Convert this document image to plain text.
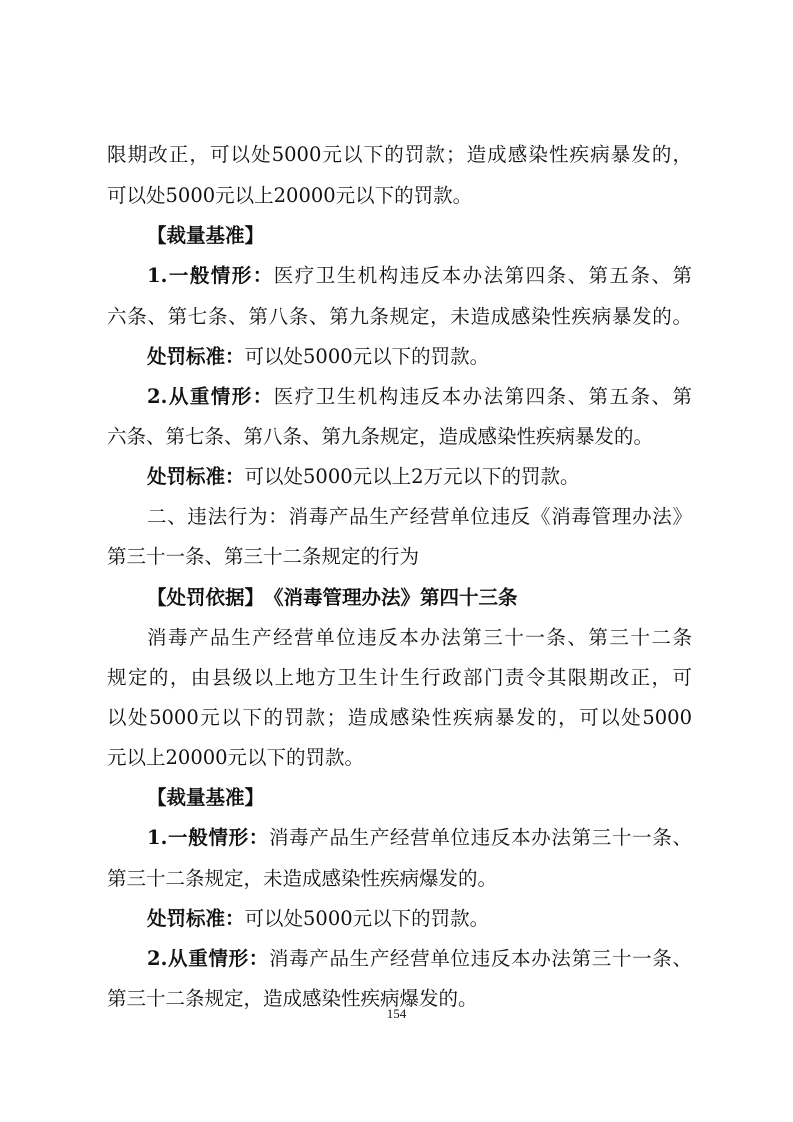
限期改正，可以处5000元以下的罚款；造成感染性疾病暴发的，
可以处5000元以上20000元以下的罚款。
【裁量基准】
1.一般情形：医疗卫生机构违反本办法第四条、第五条、第
六条、第七条、第八条、第九条规定，未造成感染性疾病暴发的。
处罚标准：可以处5000元以下的罚款。
2.从重情形：医疗卫生机构违反本办法第四条、第五条、第
六条、第七条、第八条、第九条规定，造成感染性疾病暴发的。
处罚标准：可以处5000元以上2万元以下的罚款。
二、违法行为：消毒产品生产经营单位违反《消毒管理办法》
第三十一条、第三十二条规定的行为
【处罚依据】　《消毒管理办法》第四十三条
消毒产品生产经营单位违反本办法第三十一条、第三十二条
规定的，由县级以上地方卫生计生行政部门责令其限期改正，可
以处5000元以下的罚款；造成感染性疾病暴发的，可以处5000
元以上20000元以下的罚款。
【裁量基准】
1.一般情形：消毒产品生产经营单位违反本办法第三十一条、
第三十二条规定，未造成感染性疾病爆发的。
处罚标准：可以处5000元以下的罚款。
2.从重情形：消毒产品生产经营单位违反本办法第三十一条、
第三十二条规定，造成感染性疾病爆发的。
154
